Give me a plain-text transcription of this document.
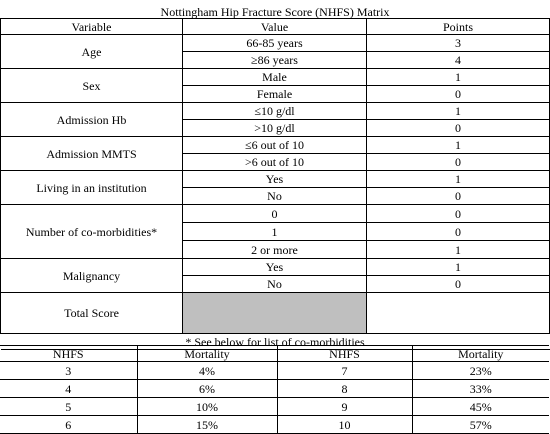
Nottingham Hip Fracture Score (NHFS) Matrix		
Variable	Value	Points
Age	66-85 years	3
	≥86 years	4
Sex	Male	1
	Female	0
Admission Hb	≤10 g/dl	1
	>10 g/dl	0
Admission MMTS	≤6 out of 10	1
	>6 out of 10	0
Living in an institution	Yes	1
	No	0
Number of co-morbidities*	0	0
	1	0
	2 or more	1
Malignancy	Yes	1
	No	0
Total Score		
* See below for list of co-morbidities		
NHFS	Mortality	NHFS	Mortality
3	4%	7	23%
4	6%	8	33%
5	10%	9	45%
6	15%	10	57%
